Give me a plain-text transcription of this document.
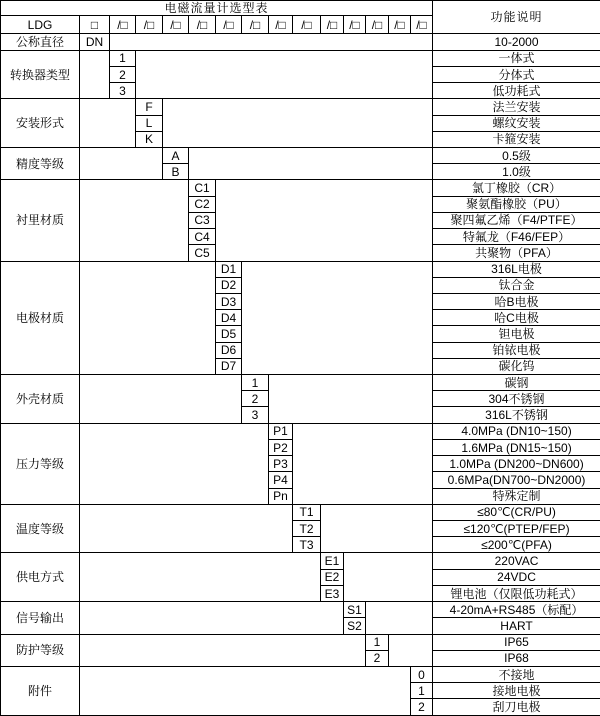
电磁流量计选型表															功能说明
LDG	□	/□	/□	/□	/□	/□	/□	/□	/□	/□	/□	/□	/□	/□	
公称直径	DN														10-2000
转换器类型		1													一体式
		2													分体式
		3													低功耗式
安装形式			F												法兰安装
			L												螺纹安装
			K												卡箍安装
精度等级				A											0.5级
				B											1.0级
衬里材质					C1										氯丁橡胶（CR）
					C2										聚氨酯橡胶（PU）
					C3										聚四氟乙烯（F4/PTFE）
					C4										特氟龙（F46/FEP）
					C5										共聚物（PFA）
电极材质						D1									316L电极
						D2									钛合金
						D3									哈B电极
						D4									哈C电极
						D5									钽电极
						D6									铂铱电极
						D7									碳化钨
外壳材质							1								碳钢
							2								304不锈钢
							3								316L不锈钢
压力等级								P1							4.0MPa (DN10~150)
								P2							1.6MPa (DN15~150)
								P3							1.0MPa (DN200~DN600)
								P4							0.6MPa(DN700~DN2000)
								Pn							特殊定制
温度等级									T1						≤80℃(CR/PU)
									T2						≤120℃(PTEP/FEP)
									T3						≤200℃(PFA)
供电方式										E1					220VAC
										E2					24VDC
										E3					锂电池（仅限低功耗式）
信号输出											S1				4-20mA+RS485（标配）
											S2				HART
防护等级												1			IP65
												2			IP68
附件														0	不接地
														1	接地电极
														2	刮刀电极
